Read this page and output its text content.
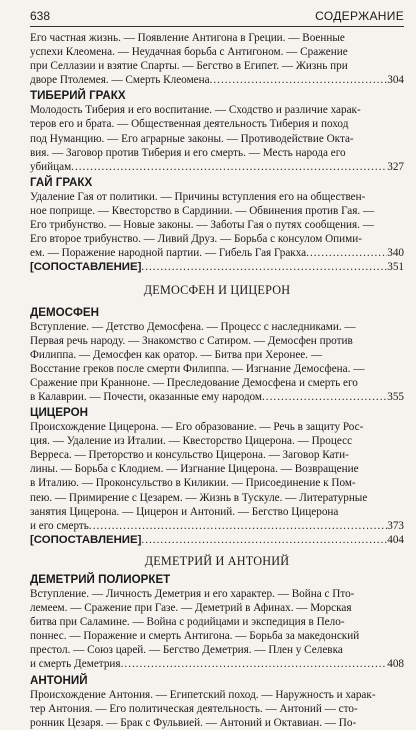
638	СОДЕРЖАНИЕ
Его частная жизнь. — Появление Антигона в Греции. — Военные
успехи Клеомена. — Неудачная борьба с Антигоном. — Сражение
при Селлазии и взятие Спарты. — Бегство в Египет. — Жизнь при
дворе Птолемея. — Смерть Клеомена .....	304
ТИБЕРИЙ ГРАКХ
Молодость Тиберия и его воспитание. — Сходство и различие харак-
теров его и брата. — Общественная деятельность Тиберия и поход
под Нуманцию. — Его аграрные законы. — Противодействие Окта-
вия. — Заговор против Тиберия и его смерть. — Месть народа его
убийцам .....	327
ГАЙ ГРАКХ
Удаление Гая от политики. — Причины вступления его на обществен-
ное поприще. — Квесторство в Сардинии. — Обвинения против Гая. —
Его трибунство. — Новые законы. — Заботы Гая о путях сообщения. —
Его второе трибунство. — Ливий Друз. — Борьба с консулом Опими-
ем. — Поражение народной партии. — Гибель Гая Гракха .....	340
[СОПОСТАВЛЕНИЕ] .....	351
ДЕМОСФЕН И ЦИЦЕРОН
ДЕМОСФЕН
Вступление. — Детство Демосфена. — Процесс с наследниками. —
Первая речь народу. — Знакомство с Сатиром. — Демосфен против
Филиппа. — Демосфен как оратор. — Битва при Херонее. —
Восстание греков после смерти Филиппа. — Изгнание Демосфена. —
Сражение при Кранноне. — Преследование Демосфена и смерть его
в Калаврии. — Почести, оказанные ему народом .....	355
ЦИЦЕРОН
Происхождение Цицерона. — Его образование. — Речь в защиту Рос-
ция. — Удаление из Италии. — Квесторство Цицерона. — Процесс
Верреса. — Преторство и консульство Цицерона. — Заговор Кати-
лины. — Борьба с Клодием. — Изгнание Цицерона. — Возвращение
в Италию. — Проконсульство в Киликии. — Присоединение к Пом-
пею. — Примирение с Цезарем. — Жизнь в Тускуле. — Литературные
занятия Цицерона. — Цицерон и Антоний. — Бегство Цицерона
и его смерть .....	373
[СОПОСТАВЛЕНИЕ] .....	404
ДЕМЕТРИЙ И АНТОНИЙ
ДЕМЕТРИЙ ПОЛИОРКЕТ
Вступление. — Личность Деметрия и его характер. — Война с Пто-
лемеем. — Сражение при Газе. — Деметрий в Афинах. — Морская
битва при Саламине. — Война с родийцами и экспедиция в Пело-
поннес. — Поражение и смерть Антигона. — Борьба за македонский
престол. — Союз царей. — Бегство Деметрия. — Плен у Селевка
и смерть Деметрия .....	408
АНТОНИЙ
Происхождение Антония. — Египетский поход. — Наружность и харак-
тер Антония. — Его политическая деятельность. — Антоний — сто-
ронник Цезаря. — Брак с Фульвией. — Антоний и Октавиан. — По-
